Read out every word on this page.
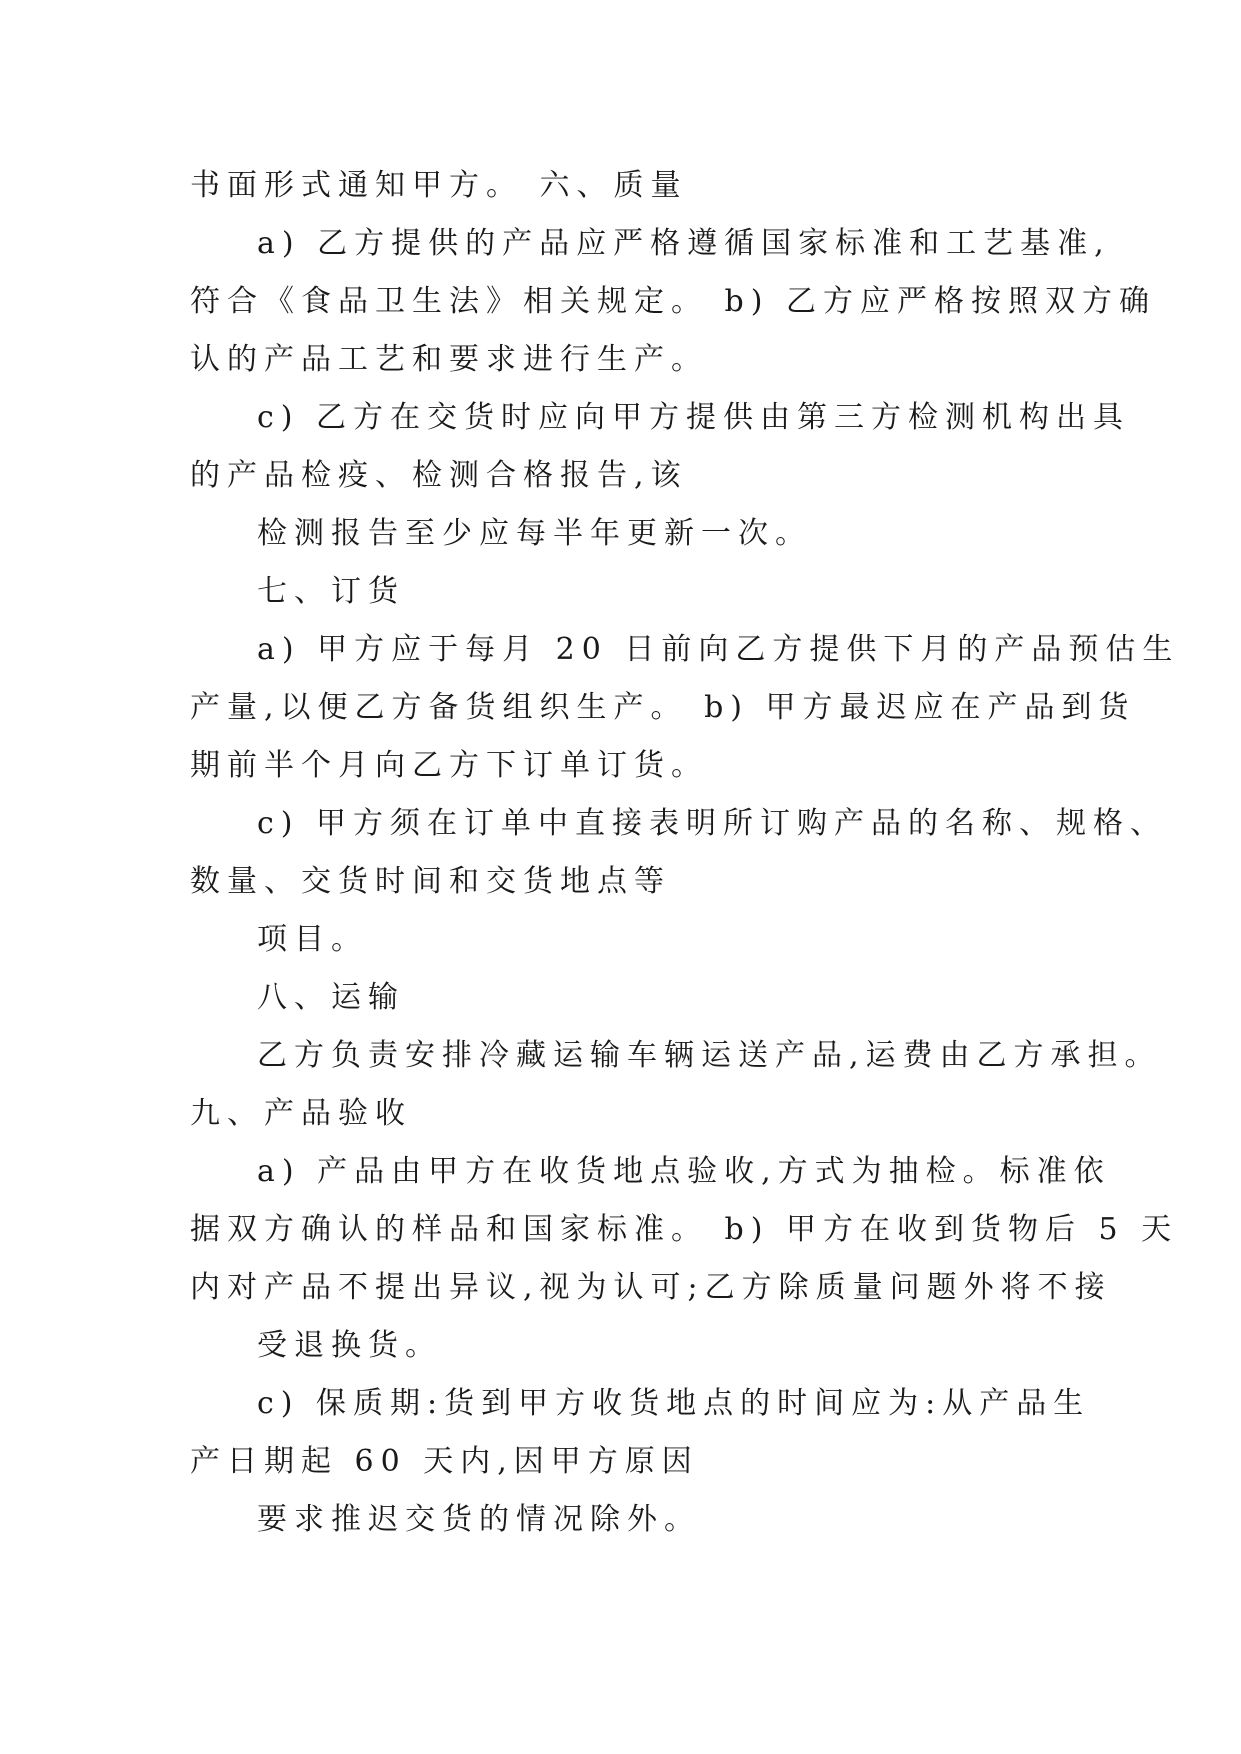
书面形式通知甲方。 六、质量
a) 乙方提供的产品应严格遵循国家标准和工艺基准,
符合《食品卫生法》相关规定。 b) 乙方应严格按照双方确
认的产品工艺和要求进行生产。
c) 乙方在交货时应向甲方提供由第三方检测机构出具
的产品检疫、检测合格报告,该
检测报告至少应每半年更新一次。
七、订货
a) 甲方应于每月 20 日前向乙方提供下月的产品预估生
产量,以便乙方备货组织生产。 b) 甲方最迟应在产品到货
期前半个月向乙方下订单订货。
c) 甲方须在订单中直接表明所订购产品的名称、规格、
数量、交货时间和交货地点等
项目。
八、运输
乙方负责安排冷藏运输车辆运送产品,运费由乙方承担。
九、产品验收
a) 产品由甲方在收货地点验收,方式为抽检。标准依
据双方确认的样品和国家标准。 b) 甲方在收到货物后 5 天
内对产品不提出异议,视为认可;乙方除质量问题外将不接
受退换货。
c) 保质期:货到甲方收货地点的时间应为:从产品生
产日期起 60 天内,因甲方原因
要求推迟交货的情况除外。
